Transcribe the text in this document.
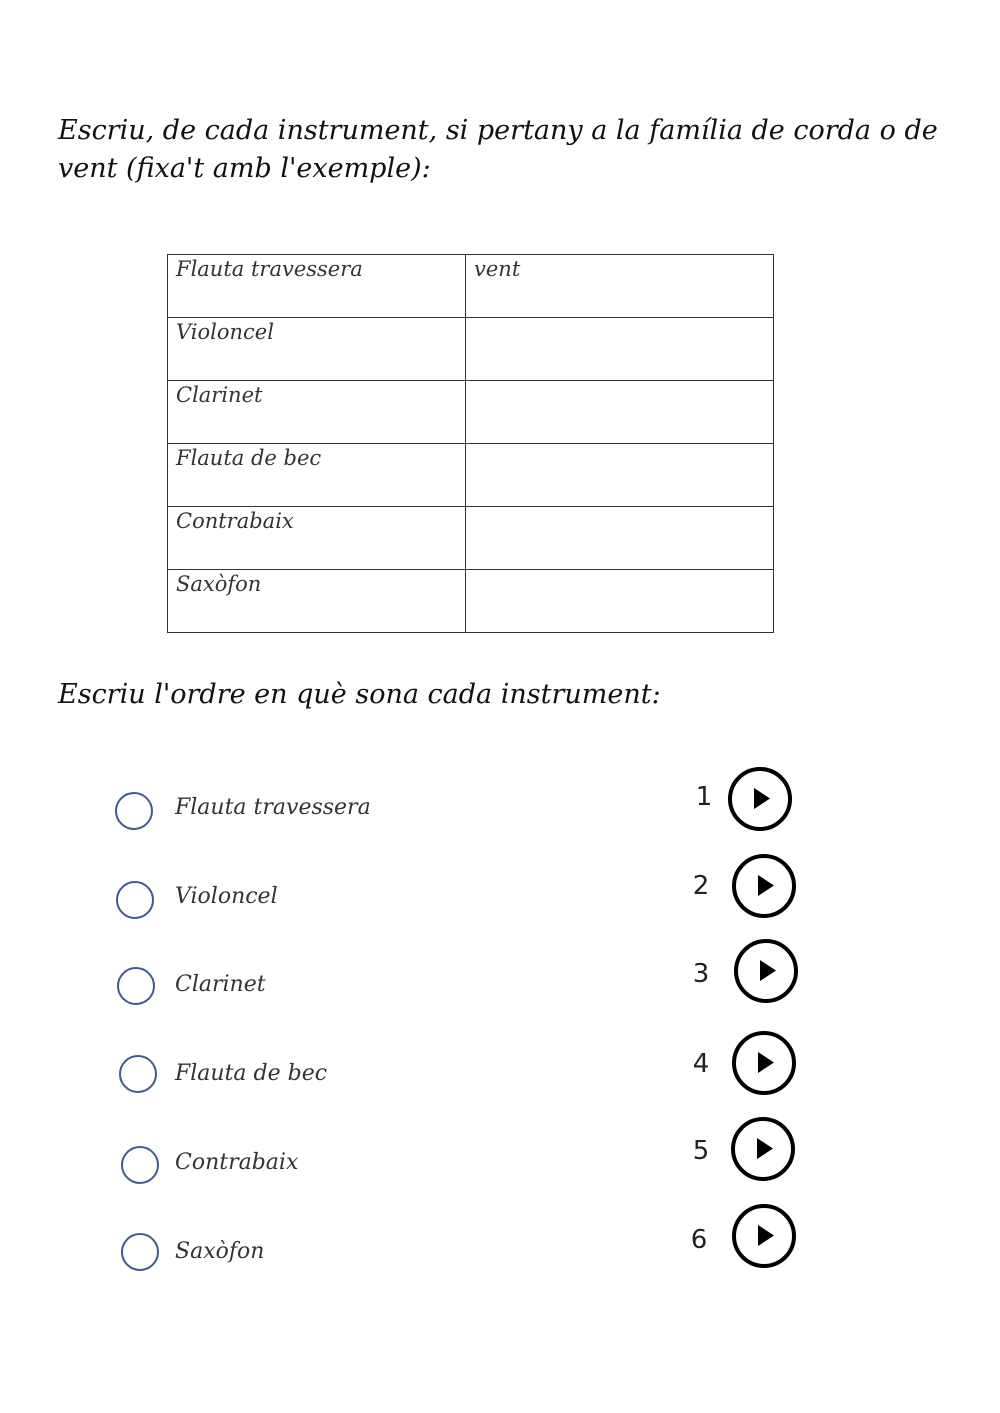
Escriu, de cada instrument, si pertany a la família de corda o de vent (fixa't amb l'exemple):
Flauta travessera	vent
Violoncel	
Clarinet	
Flauta de bec	
Contrabaix	
Saxòfon	
Escriu l'ordre en què sona cada instrument:
Flauta travessera
Violoncel
Clarinet
Flauta de bec
Contrabaix
Saxòfon
1
2
3
4
5
6
